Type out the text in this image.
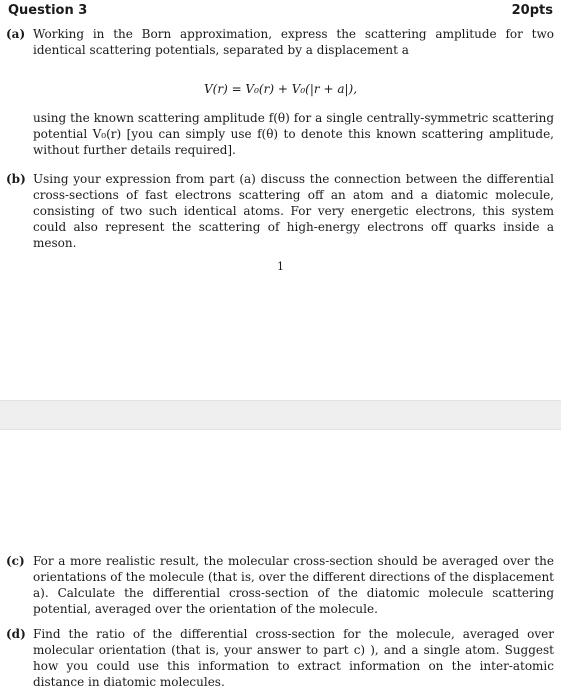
Question 3	20pts
(a) Working in the Born approximation, express the scattering amplitude for two identical scattering potentials, separated by a displacement a
V(r) = V₀(r) + V₀(|r + a|),
using the known scattering amplitude f(θ) for a single centrally-symmetric scattering potential V₀(r) [you can simply use f(θ) to denote this known scattering amplitude, without further details required].
(b) Using your expression from part (a) discuss the connection between the differential cross-sections of fast electrons scattering off an atom and a diatomic molecule, consisting of two such identical atoms. For very energetic electrons, this system could also represent the scattering of high-energy electrons off quarks inside a meson.
1
(c) For a more realistic result, the molecular cross-section should be averaged over the orientations of the molecule (that is, over the different directions of the displacement a). Calculate the differential cross-section of the diatomic molecule scattering potential, averaged over the orientation of the molecule.
(d) Find the ratio of the differential cross-section for the molecule, averaged over molecular orientation (that is, your answer to part c) ), and a single atom. Suggest how you could use this information to extract information on the inter-atomic distance in diatomic molecules.
